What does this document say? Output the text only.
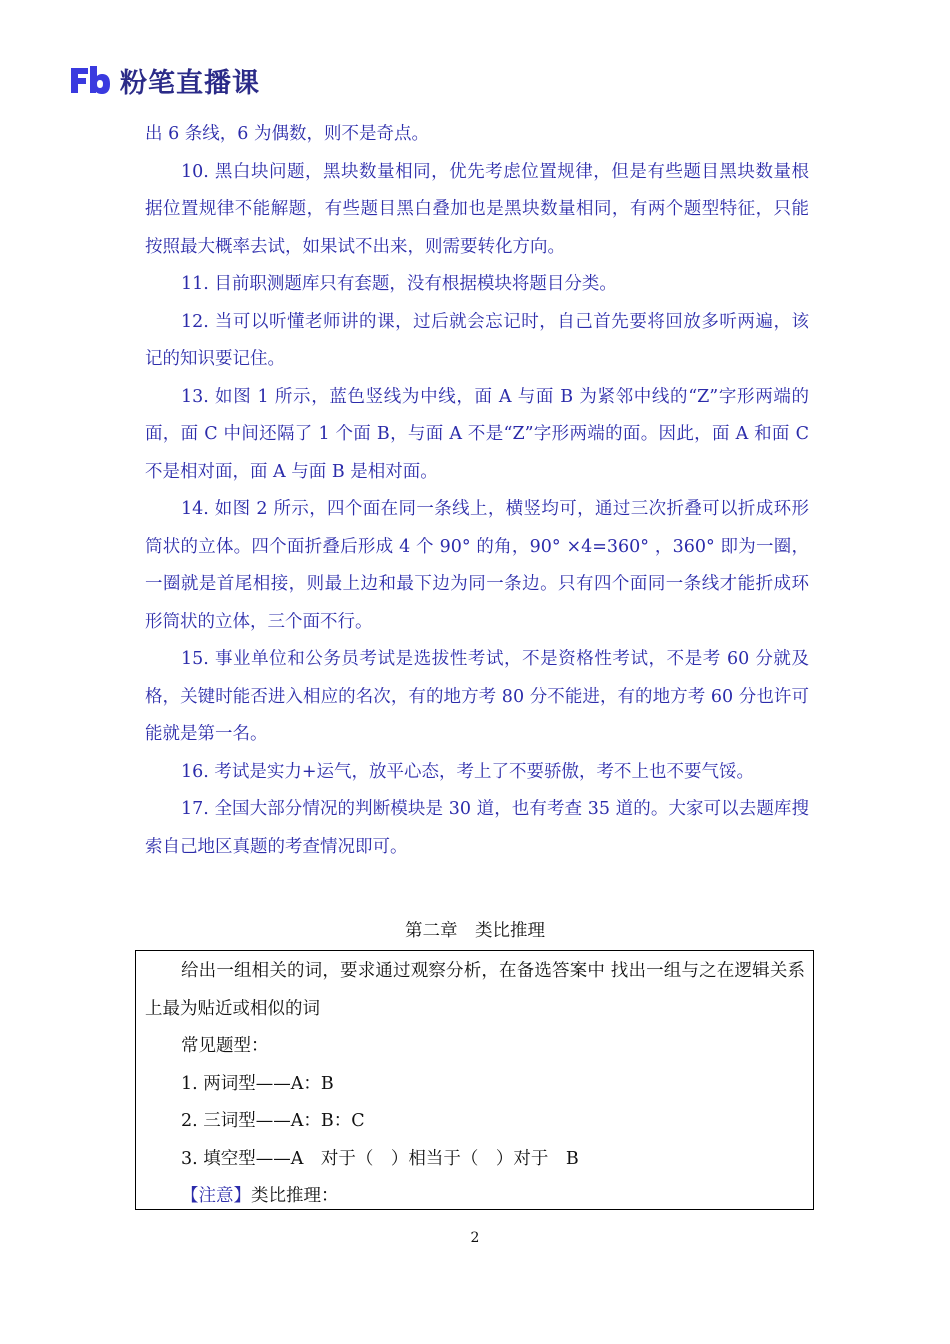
粉笔直播课

出 6 条线，6 为偶数，则不是奇点。

10. 黑白块问题，黑块数量相同，优先考虑位置规律，但是有些题目黑块数量根据位置规律不能解题，有些题目黑白叠加也是黑块数量相同，有两个题型特征，只能按照最大概率去试，如果试不出来，则需要转化方向。

11. 目前职测题库只有套题，没有根据模块将题目分类。

12. 当可以听懂老师讲的课，过后就会忘记时，自己首先要将回放多听两遍，该记的知识要记住。

13. 如图 1 所示，蓝色竖线为中线，面 A 与面 B 为紧邻中线的“Z”字形两端的面，面 C 中间还隔了 1 个面 B，与面 A 不是“Z”字形两端的面。因此，面 A 和面 C 不是相对面，面 A 与面 B 是相对面。

14. 如图 2 所示，四个面在同一条线上，横竖均可，通过三次折叠可以折成环形筒状的立体。四个面折叠后形成 4 个 90° 的角，90° ×4=360° ，360° 即为一圈，一圈就是首尾相接，则最上边和最下边为同一条边。只有四个面同一条线才能折成环形筒状的立体，三个面不行。

15. 事业单位和公务员考试是选拔性考试，不是资格性考试，不是考 60 分就及格，关键时能否进入相应的名次，有的地方考 80 分不能进，有的地方考 60 分也许可能就是第一名。

16. 考试是实力+运气，放平心态，考上了不要骄傲，考不上也不要气馁。

17. 全国大部分情况的判断模块是 30 道，也有考查 35 道的。大家可以去题库搜索自己地区真题的考查情况即可。

第二章　类比推理

给出一组相关的词，要求通过观察分析，在备选答案中 找出一组与之在逻辑关系上最为贴近或相似的词

常见题型：

1. 两词型——A：B

2. 三词型——A：B：C

3. 填空型——A　对于（　）相当于（　）对于　B

【注意】类比推理：

2
